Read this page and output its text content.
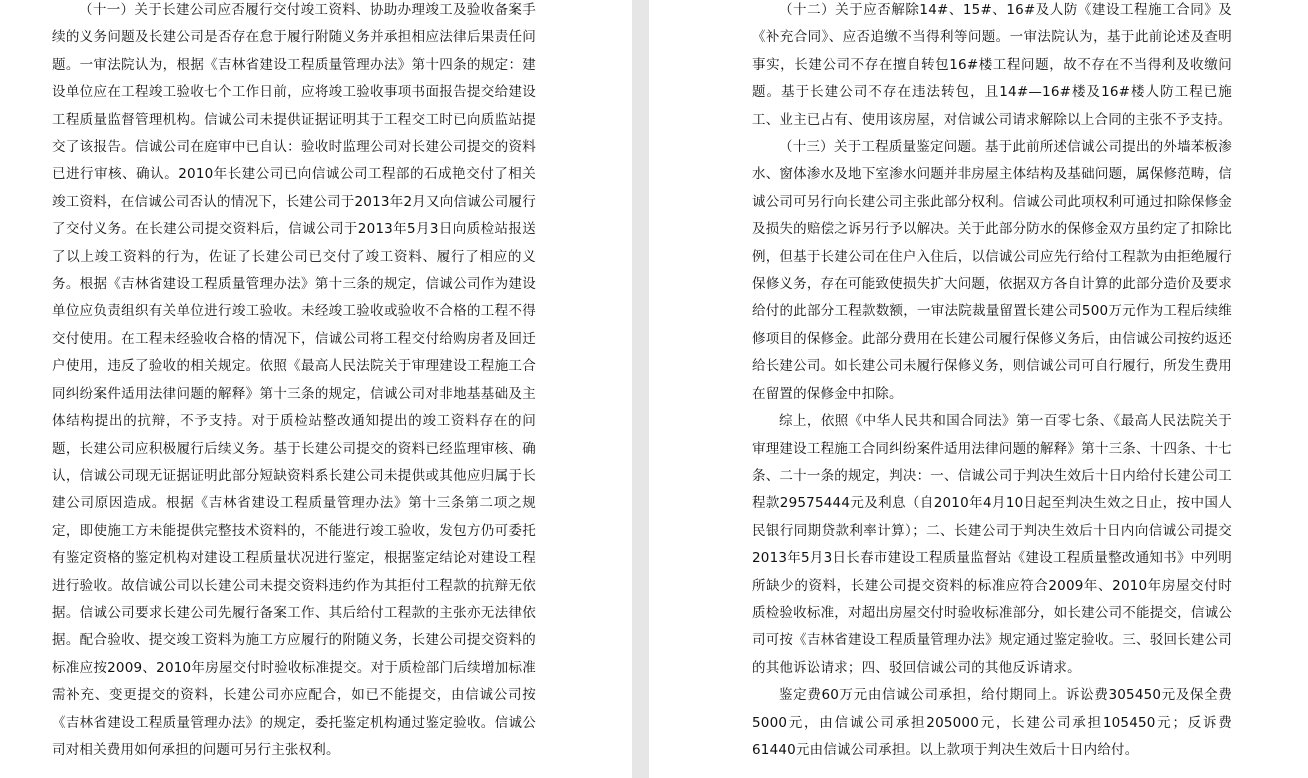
（十一）关于长建公司应否履行交付竣工资料、协助办理竣工及验收备案手续的义务问题及长建公司是否存在怠于履行附随义务并承担相应法律后果责任问题。一审法院认为，根据《吉林省建设工程质量管理办法》第十四条的规定：建设单位应在工程竣工验收七个工作日前，应将竣工验收事项书面报告提交给建设工程质量监督管理机构。信诚公司未提供证据证明其于工程交工时已向质监站提交了该报告。信诚公司在庭审中已自认：验收时监理公司对长建公司提交的资料已进行审核、确认。2010年长建公司已向信诚公司工程部的石成艳交付了相关竣工资料，在信诚公司否认的情况下，长建公司于2013年2月又向信诚公司履行了交付义务。在长建公司提交资料后，信诚公司于2013年5月3日向质检站报送了以上竣工资料的行为，佐证了长建公司已交付了竣工资料、履行了相应的义务。根据《吉林省建设工程质量管理办法》第十三条的规定，信诚公司作为建设单位应负责组织有关单位进行竣工验收。未经竣工验收或验收不合格的工程不得交付使用。在工程未经验收合格的情况下，信诚公司将工程交付给购房者及回迁户使用，违反了验收的相关规定。依照《最高人民法院关于审理建设工程施工合同纠纷案件适用法律问题的解释》第十三条的规定，信诚公司对非地基基础及主体结构提出的抗辩，不予支持。对于质检站整改通知提出的竣工资料存在的问题，长建公司应积极履行后续义务。基于长建公司提交的资料已经监理审核、确认，信诚公司现无证据证明此部分短缺资料系长建公司未提供或其他应归属于长建公司原因造成。根据《吉林省建设工程质量管理办法》第十三条第二项之规定，即使施工方未能提供完整技术资料的，不能进行竣工验收，发包方仍可委托有鉴定资格的鉴定机构对建设工程质量状况进行鉴定，根据鉴定结论对建设工程进行验收。故信诚公司以长建公司未提交资料违约作为其拒付工程款的抗辩无依据。信诚公司要求长建公司先履行备案工作、其后给付工程款的主张亦无法律依据。配合验收、提交竣工资料为施工方应履行的附随义务，长建公司提交资料的标准应按2009、2010年房屋交付时验收标准提交。对于质检部门后续增加标准需补充、变更提交的资料，长建公司亦应配合，如已不能提交，由信诚公司按《吉林省建设工程质量管理办法》的规定，委托鉴定机构通过鉴定验收。信诚公司对相关费用如何承担的问题可另行主张权利。

（十二）关于应否解除14#、15#、16#及人防《建设工程施工合同》及《补充合同》、应否追缴不当得利等问题。一审法院认为，基于此前论述及查明事实，长建公司不存在擅自转包16#楼工程问题，故不存在不当得利及收缴问题。基于长建公司不存在违法转包，且14#—16#楼及16#楼人防工程已施工、业主已占有、使用该房屋，对信诚公司请求解除以上合同的主张不予支持。

（十三）关于工程质量鉴定问题。基于此前所述信诚公司提出的外墙苯板渗水、窗体渗水及地下室渗水问题并非房屋主体结构及基础问题，属保修范畴，信诚公司可另行向长建公司主张此部分权利。信诚公司此项权利可通过扣除保修金及损失的赔偿之诉另行予以解决。关于此部分防水的保修金双方虽约定了扣除比例，但基于长建公司在住户入住后，以信诚公司应先行给付工程款为由拒绝履行保修义务，存在可能致使损失扩大问题，依据双方各自计算的此部分造价及要求给付的此部分工程款数额，一审法院裁量留置长建公司500万元作为工程后续维修项目的保修金。此部分费用在长建公司履行保修义务后，由信诚公司按约返还给长建公司。如长建公司未履行保修义务，则信诚公司可自行履行，所发生费用在留置的保修金中扣除。

综上，依照《中华人民共和国合同法》第一百零七条、《最高人民法院关于审理建设工程施工合同纠纷案件适用法律问题的解释》第十三条、十四条、十七条、二十一条的规定，判决：一、信诚公司于判决生效后十日内给付长建公司工程款29575444元及利息（自2010年4月10日起至判决生效之日止，按中国人民银行同期贷款利率计算）；二、长建公司于判决生效后十日内向信诚公司提交2013年5月3日长春市建设工程质量监督站《建设工程质量整改通知书》中列明所缺少的资料，长建公司提交资料的标准应符合2009年、2010年房屋交付时质检验收标准，对超出房屋交付时验收标准部分，如长建公司不能提交，信诚公司可按《吉林省建设工程质量管理办法》规定通过鉴定验收。三、驳回长建公司的其他诉讼请求；四、驳回信诚公司的其他反诉请求。

鉴定费60万元由信诚公司承担，给付期同上。诉讼费305450元及保全费5000元，由信诚公司承担205000元，长建公司承担105450元；反诉费61440元由信诚公司承担。以上款项于判决生效后十日内给付。
